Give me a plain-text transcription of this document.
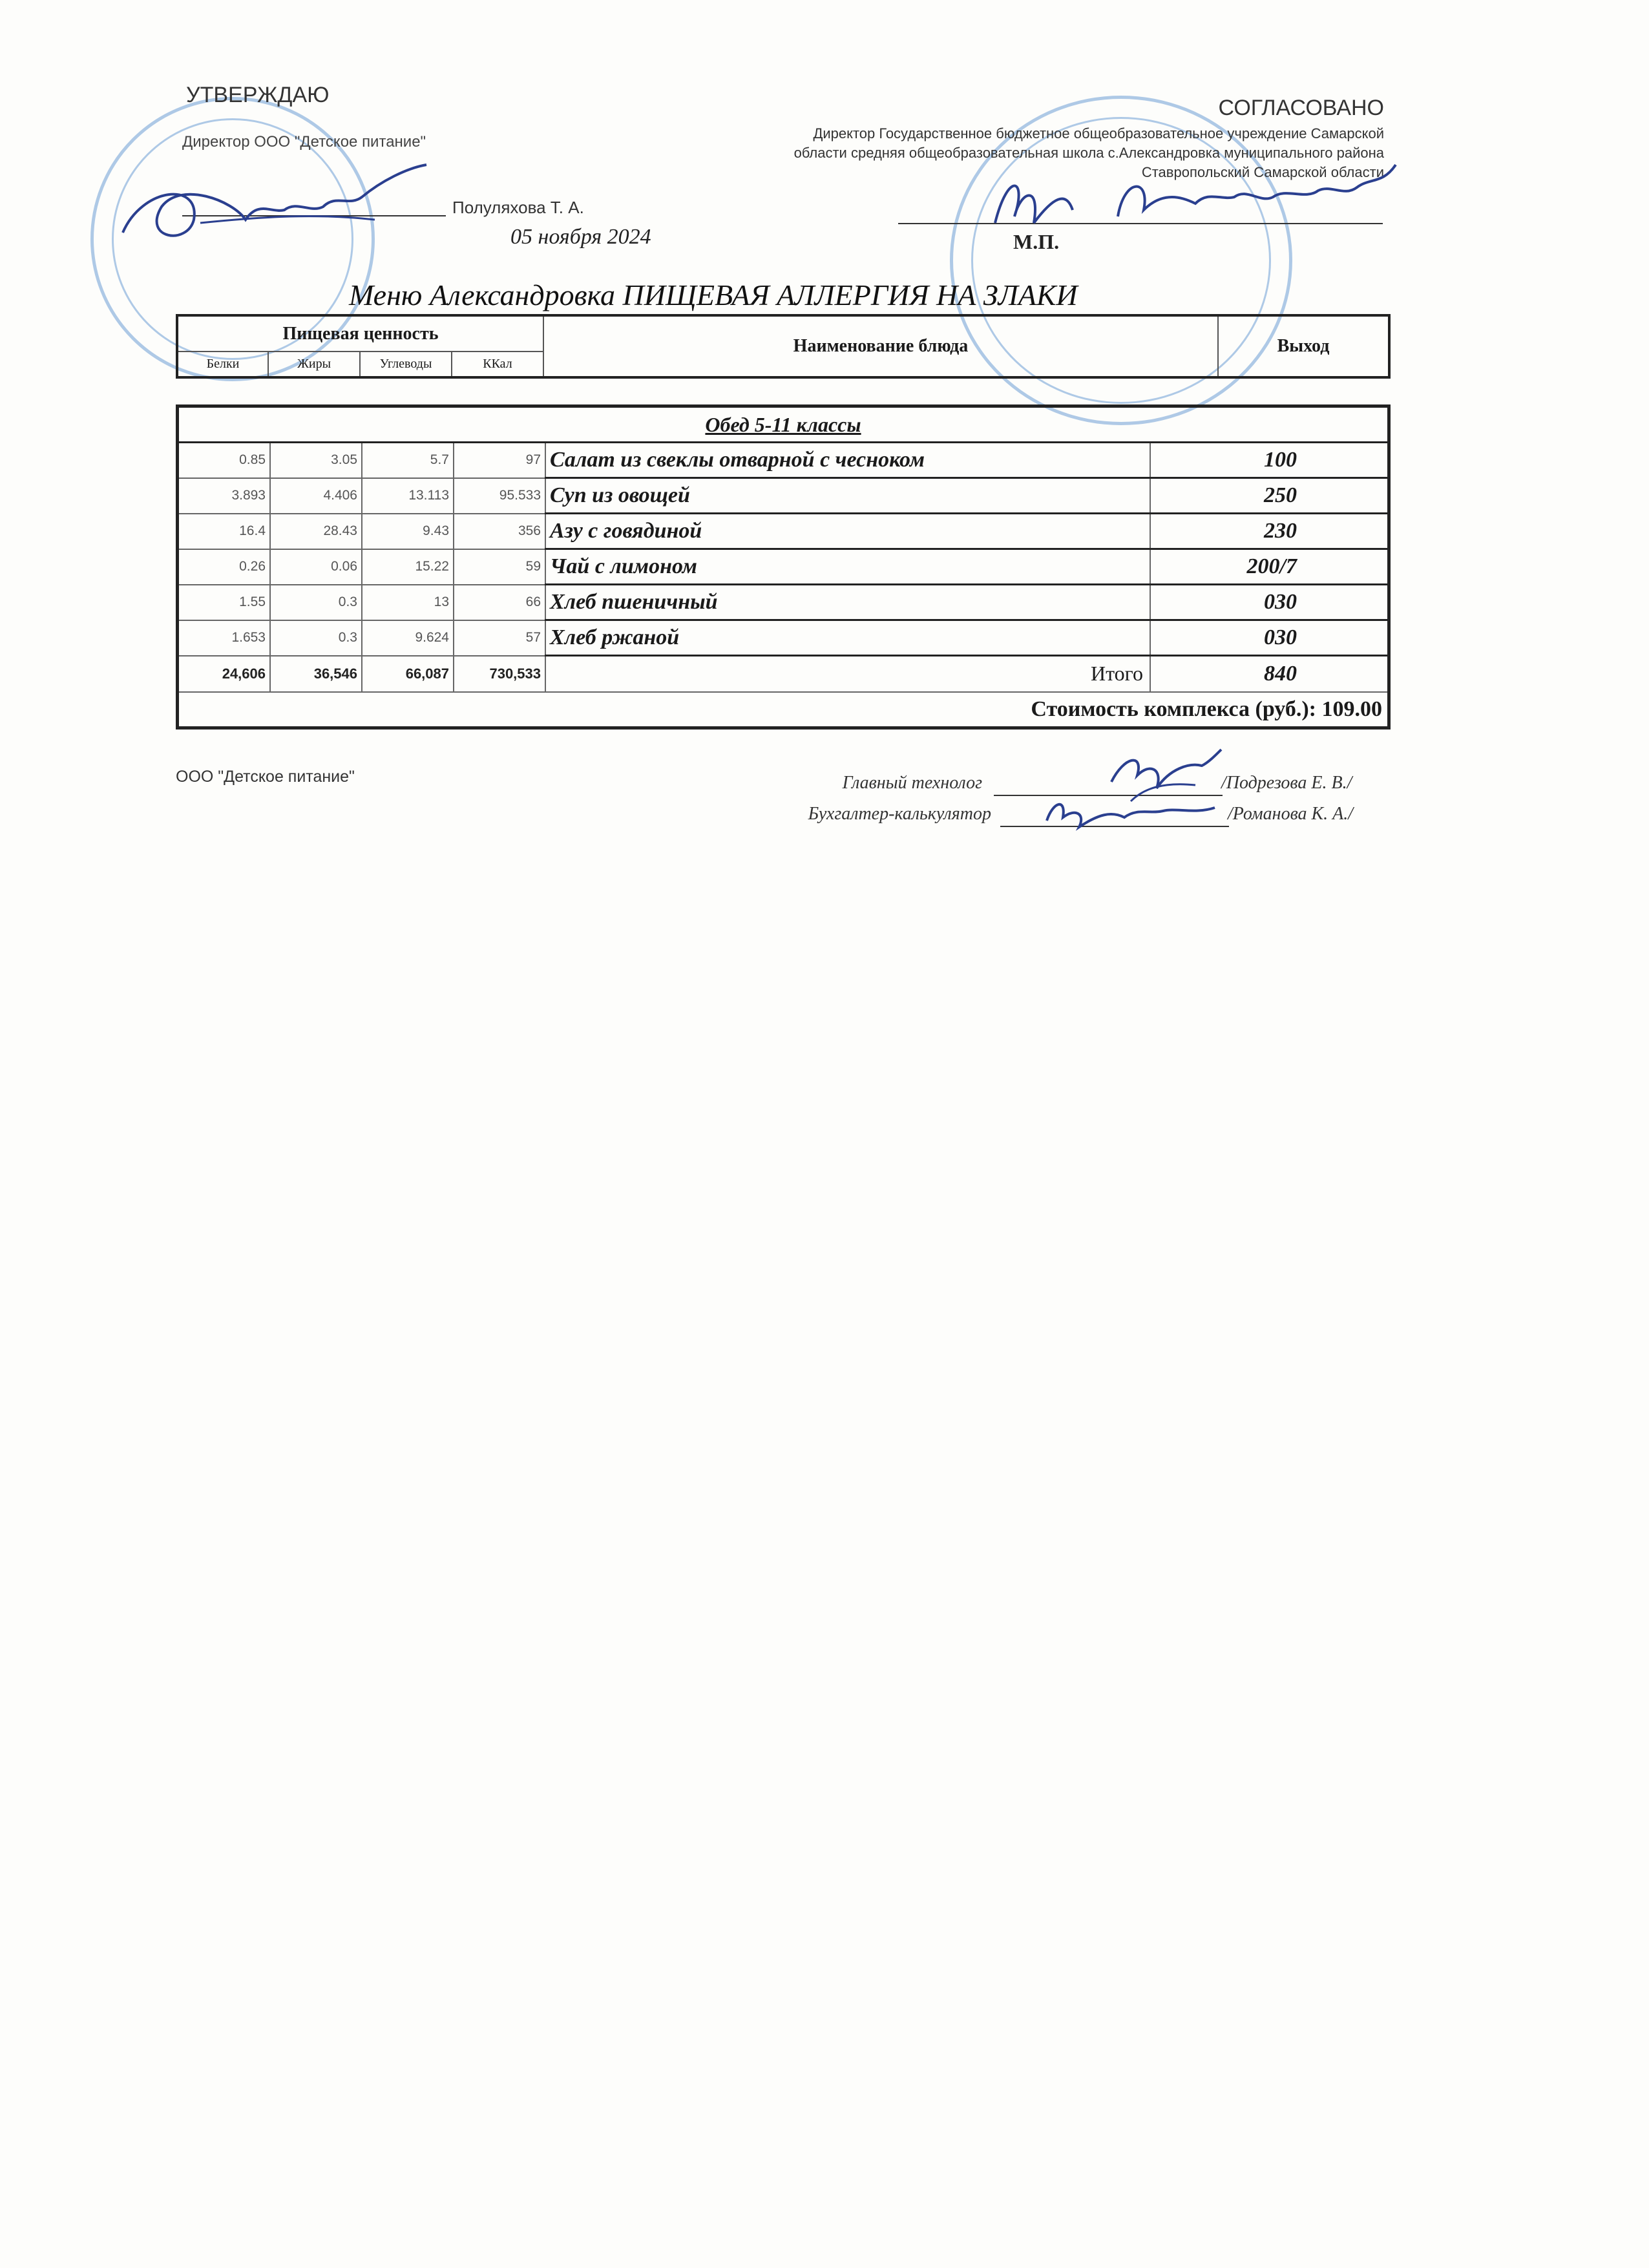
УТВЕРЖДАЮ
Директор ООО "Детское питание"
Полуляхова Т. А.
05 ноября 2024
СОГЛАСОВАНО
Директор Государственное бюджетное общеобразовательное учреждение Самарской
области средняя общеобразовательная школа с.Александровка муниципального района
Ставропольский Самарской области
М.П.
Меню Александровка ПИЩЕВАЯ АЛЛЕРГИЯ НА ЗЛАКИ
Пищевая ценность				Наименование блюда	Выход
Белки	Жиры	Углеводы	ККал		
Обед 5-11 классы					
0.85	3.05	5.7	97	Салат из свеклы отварной с чесноком	100
3.893	4.406	13.113	95.533	Суп из овощей	250
16.4	28.43	9.43	356	Азу с говядиной	230
0.26	0.06	15.22	59	Чай с лимоном	200/7
1.55	0.3	13	66	Хлеб пшеничный	030
1.653	0.3	9.624	57	Хлеб ржаной	030
24,606	36,546	66,087	730,533	Итого	840
Стоимость комплекса (руб.): 109.00					
ООО "Детское питание"	Главный технолог	/Подрезова Е. В./
Бухгалтер-калькулятор	/Романова К. А./
